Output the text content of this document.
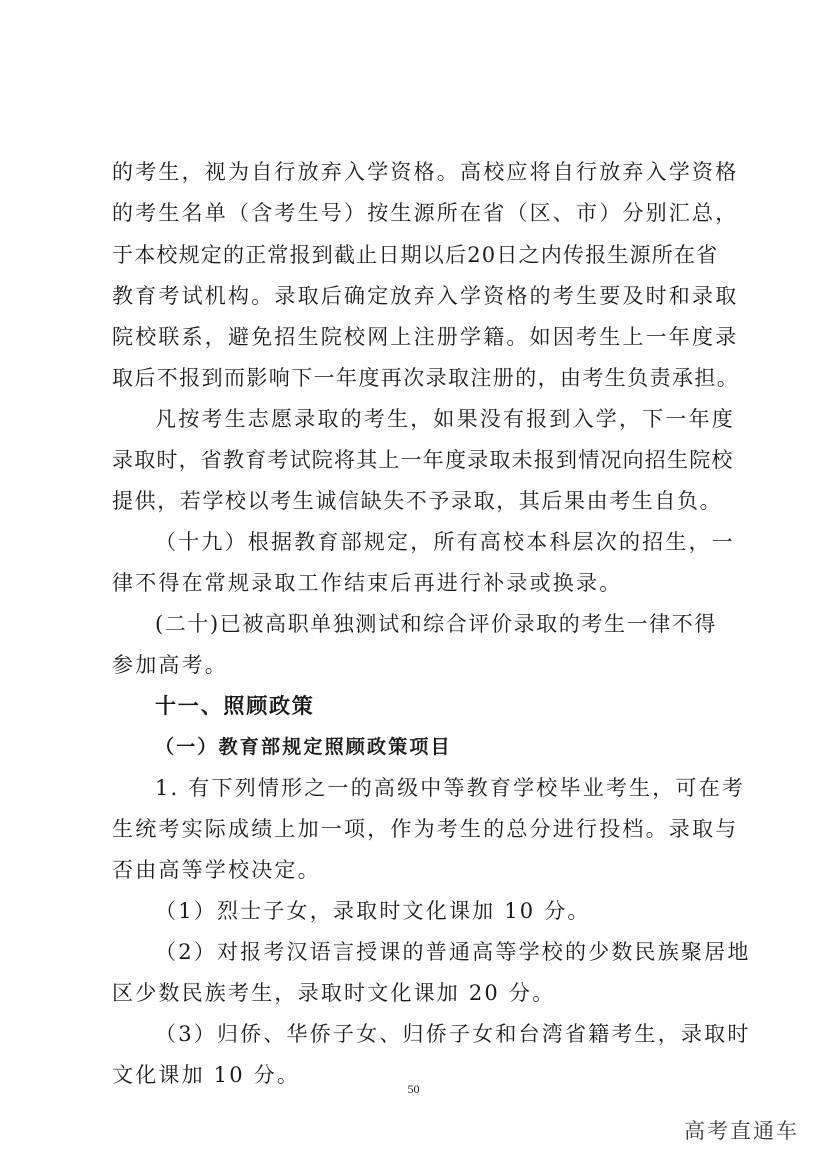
的考生，视为自行放弃入学资格。高校应将自行放弃入学资格
的考生名单（含考生号）按生源所在省（区、市）分别汇总，
于本校规定的正常报到截止日期以后20日之内传报生源所在省
教育考试机构。录取后确定放弃入学资格的考生要及时和录取
院校联系，避免招生院校网上注册学籍。如因考生上一年度录
取后不报到而影响下一年度再次录取注册的，由考生负责承担。
凡按考生志愿录取的考生，如果没有报到入学，下一年度
录取时，省教育考试院将其上一年度录取未报到情况向招生院校
提供，若学校以考生诚信缺失不予录取，其后果由考生自负。
（十九）根据教育部规定，所有高校本科层次的招生，一
律不得在常规录取工作结束后再进行补录或换录。
(二十)已被高职单独测试和综合评价录取的考生一律不得
参加高考。
十一、照顾政策
（一）教育部规定照顾政策项目
1. 有下列情形之一的高级中等教育学校毕业考生，可在考
生统考实际成绩上加一项，作为考生的总分进行投档。录取与
否由高等学校决定。
（1）烈士子女，录取时文化课加 10 分。
（2）对报考汉语言授课的普通高等学校的少数民族聚居地
区少数民族考生，录取时文化课加 20 分。
（3）归侨、华侨子女、归侨子女和台湾省籍考生，录取时
文化课加 10 分。
50
高考直通车
